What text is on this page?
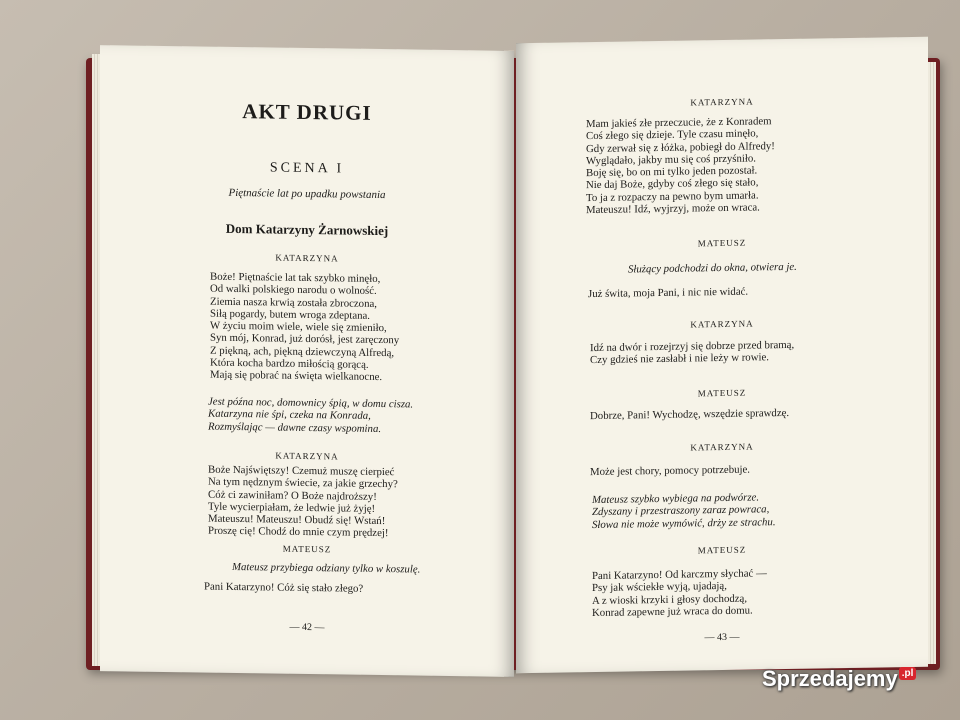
AKT DRUGI
SCENA I
Piętnaście lat po upadku powstania
Dom Katarzyny Żarnowskiej
KATARZYNA
Boże! Piętnaście lat tak szybko minęło,
Od walki polskiego narodu o wolność.
Ziemia nasza krwią została zbroczona,
Siłą pogardy, butem wroga zdeptana.
W życiu moim wiele, wiele się zmieniło,
Syn mój, Konrad, już dorósł, jest zaręczony
Z piękną, ach, piękną dziewczyną Alfredą,
Która kocha bardzo miłością gorącą.
Mają się pobrać na święta wielkanocne.
Jest późna noc, domownicy śpią, w domu cisza.
Katarzyna nie śpi, czeka na Konrada,
Rozmyślając — dawne czasy wspomina.
KATARZYNA
Boże Najświętszy! Czemuż muszę cierpieć
Na tym nędznym świecie, za jakie grzechy?
Cóż ci zawiniłam? O Boże najdroższy!
Tyle wycierpiałam, że ledwie już żyję!
Mateuszu! Mateuszu! Obudź się! Wstań!
Proszę cię! Chodź do mnie czym prędzej!
MATEUSZ
Mateusz przybiega odziany tylko w koszulę.
Pani Katarzyno! Cóż się stało złego?
— 42 —
KATARZYNA
Mam jakieś złe przeczucie, że z Konradem
Coś złego się dzieje. Tyle czasu minęło,
Gdy zerwał się z łóżka, pobiegł do Alfredy!
Wyglądało, jakby mu się coś przyśniło.
Boję się, bo on mi tylko jeden pozostał.
Nie daj Boże, gdyby coś złego się stało,
To ja z rozpaczy na pewno bym umarła.
Mateuszu! Idź, wyjrzyj, może on wraca.
MATEUSZ
Służący podchodzi do okna, otwiera je.
Już świta, moja Pani, i nic nie widać.
KATARZYNA
Idź na dwór i rozejrzyj się dobrze przed bramą,
Czy gdzieś nie zasłabł i nie leży w rowie.
MATEUSZ
Dobrze, Pani! Wychodzę, wszędzie sprawdzę.
KATARZYNA
Może jest chory, pomocy potrzebuje.
Mateusz szybko wybiega na podwórze.
Zdyszany i przestraszony zaraz powraca,
Słowa nie może wymówić, drży ze strachu.
MATEUSZ
Pani Katarzyno! Od karczmy słychać —
Psy jak wściekłe wyją, ujadają,
A z wioski krzyki i głosy dochodzą,
Konrad zapewne już wraca do domu.
— 43 —
Sprzedajemy .pl
